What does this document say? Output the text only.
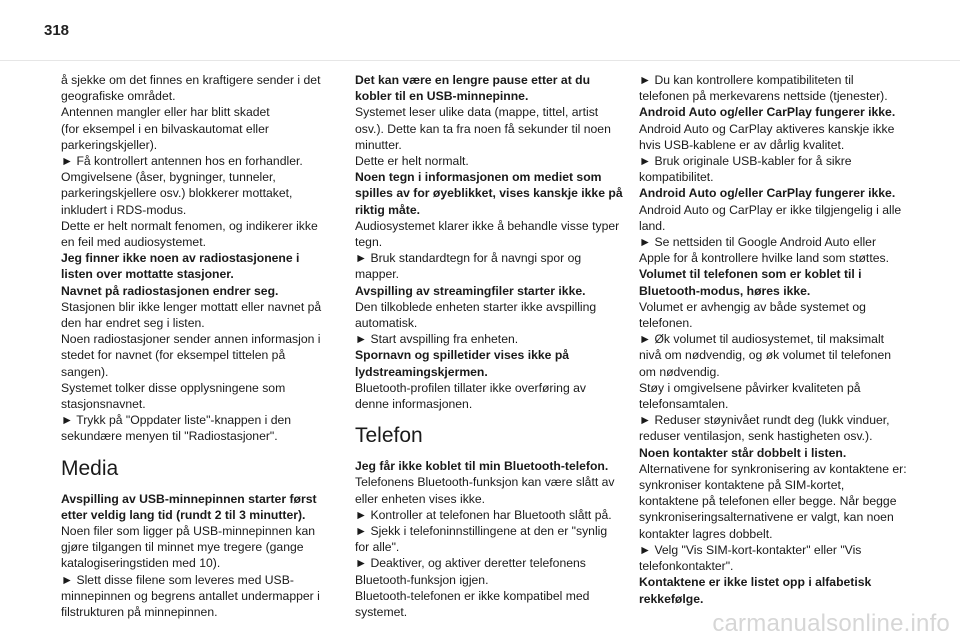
318

å sjekke om det finnes en kraftigere sender i det geografiske området.

Antennen mangler eller har blitt skadet

(for eksempel i en bilvaskautomat eller parkeringskjeller).

► Få kontrollert antennen hos en forhandler.

Omgivelsene (åser, bygninger, tunneler, parkeringskjellere osv.) blokkerer mottaket, inkludert i RDS-modus.

Dette er helt normalt fenomen, og indikerer ikke en feil med audiosystemet.

Jeg finner ikke noen av radiostasjonene i listen over mottatte stasjoner.

Navnet på radiostasjonen endrer seg.

Stasjonen blir ikke lenger mottatt eller navnet på den har endret seg i listen.

Noen radiostasjoner sender annen informasjon i stedet for navnet (for eksempel tittelen på sangen).

Systemet tolker disse opplysningene som stasjonsnavnet.

► Trykk på "Oppdater liste"-knappen i den sekundære menyen til "Radiostasjoner".

Media

Avspilling av USB-minnepinnen starter først etter veldig lang tid (rundt 2 til 3 minutter).

Noen filer som ligger på USB-minnepinnen kan gjøre tilgangen til minnet mye tregere (gange katalogiseringstiden med 10).

► Slett disse filene som leveres med USB-minnepinnen og begrens antallet undermapper i filstrukturen på minnepinnen.

Det kan være en lengre pause etter at du kobler til en USB-minnepinne.

Systemet leser ulike data (mappe, tittel, artist osv.). Dette kan ta fra noen få sekunder til noen minutter.

Dette er helt normalt.

Noen tegn i informasjonen om mediet som spilles av for øyeblikket, vises kanskje ikke på riktig måte.

Audiosystemet klarer ikke å behandle visse typer tegn.

► Bruk standardtegn for å navngi spor og mapper.

Avspilling av streamingfiler starter ikke.

Den tilkoblede enheten starter ikke avspilling automatisk.

► Start avspilling fra enheten.

Spornavn og spilletider vises ikke på lydstreamingskjermen.

Bluetooth-profilen tillater ikke overføring av denne informasjonen.

Telefon

Jeg får ikke koblet til min Bluetooth-telefon.

Telefonens Bluetooth-funksjon kan være slått av eller enheten vises ikke.

► Kontroller at telefonen har Bluetooth slått på.

► Sjekk i telefoninnstillingene at den er "synlig for alle".

► Deaktiver, og aktiver deretter telefonens Bluetooth-funksjon igjen.

Bluetooth-telefonen er ikke kompatibel med systemet.

► Du kan kontrollere kompatibiliteten til telefonen på merkevarens nettside (tjenester).

Android Auto og/eller CarPlay fungerer ikke.

Android Auto og CarPlay aktiveres kanskje ikke hvis USB-kablene er av dårlig kvalitet.

► Bruk originale USB-kabler for å sikre kompatibilitet.

Android Auto og/eller CarPlay fungerer ikke.

Android Auto og CarPlay er ikke tilgjengelig i alle land.

► Se nettsiden til Google Android Auto eller Apple for å kontrollere hvilke land som støttes.

Volumet til telefonen som er koblet til i Bluetooth-modus, høres ikke.

Volumet er avhengig av både systemet og telefonen.

► Øk volumet til audiosystemet, til maksimalt nivå om nødvendig, og øk volumet til telefonen om nødvendig.

Støy i omgivelsene påvirker kvaliteten på telefonsamtalen.

► Reduser støynivået rundt deg (lukk vinduer, reduser ventilasjon, senk hastigheten osv.).

Noen kontakter står dobbelt i listen.

Alternativene for synkronisering av kontaktene er: synkroniser kontaktene på SIM-kortet, kontaktene på telefonen eller begge. Når begge synkroniseringsalternativene er valgt, kan noen kontakter lagres dobbelt.

► Velg "Vis SIM-kort-kontakter" eller "Vis telefonkontakter".

Kontaktene er ikke listet opp i alfabetisk rekkefølge.

carmanualsonline.info
